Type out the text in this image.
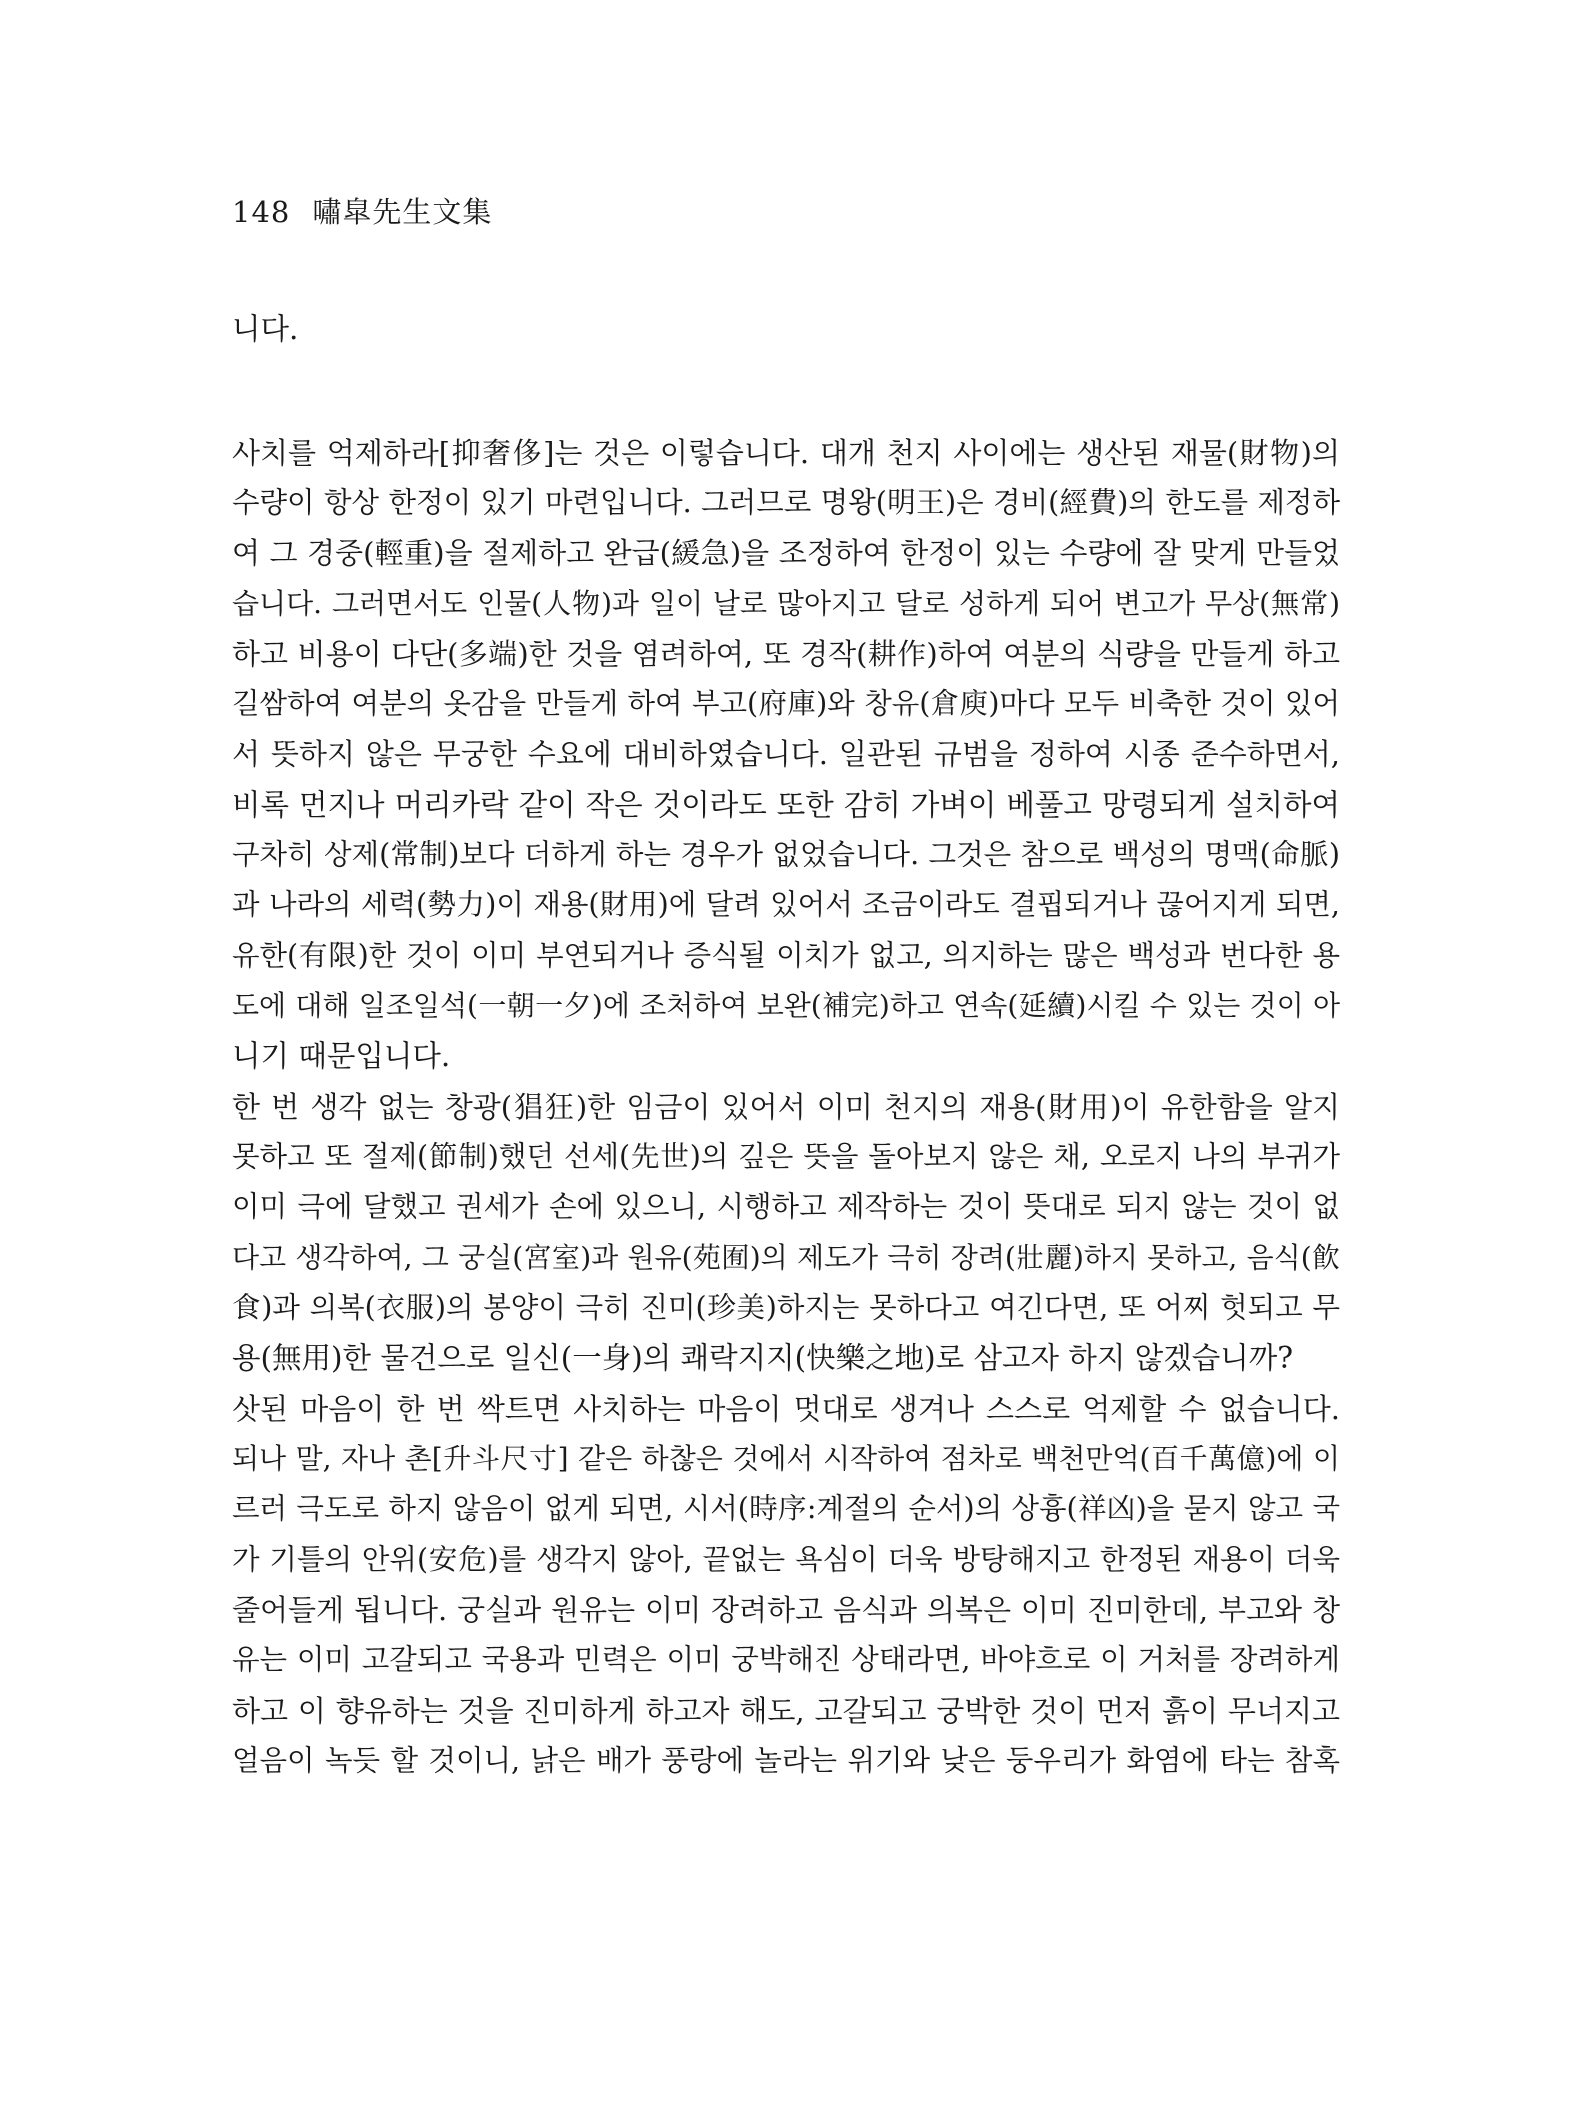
148 嘯皐先生文集
니다.
사치를 억제하라[抑奢侈]는 것은 이렇습니다. 대개 천지 사이에는 생산된 재물(財物)의
수량이 항상 한정이 있기 마련입니다. 그러므로 명왕(明王)은 경비(經費)의 한도를 제정하
여 그 경중(輕重)을 절제하고 완급(緩急)을 조정하여 한정이 있는 수량에 잘 맞게 만들었
습니다. 그러면서도 인물(人物)과 일이 날로 많아지고 달로 성하게 되어 변고가 무상(無常)
하고 비용이 다단(多端)한 것을 염려하여, 또 경작(耕作)하여 여분의 식량을 만들게 하고
길쌈하여 여분의 옷감을 만들게 하여 부고(府庫)와 창유(倉庾)마다 모두 비축한 것이 있어
서 뜻하지 않은 무궁한 수요에 대비하였습니다. 일관된 규범을 정하여 시종 준수하면서,
비록 먼지나 머리카락 같이 작은 것이라도 또한 감히 가벼이 베풀고 망령되게 설치하여
구차히 상제(常制)보다 더하게 하는 경우가 없었습니다. 그것은 참으로 백성의 명맥(命脈)
과 나라의 세력(勢力)이 재용(財用)에 달려 있어서 조금이라도 결핍되거나 끊어지게 되면,
유한(有限)한 것이 이미 부연되거나 증식될 이치가 없고, 의지하는 많은 백성과 번다한 용
도에 대해 일조일석(一朝一夕)에 조처하여 보완(補完)하고 연속(延續)시킬 수 있는 것이 아
니기 때문입니다.
한 번 생각 없는 창광(猖狂)한 임금이 있어서 이미 천지의 재용(財用)이 유한함을 알지
못하고 또 절제(節制)했던 선세(先世)의 깊은 뜻을 돌아보지 않은 채, 오로지 나의 부귀가
이미 극에 달했고 권세가 손에 있으니, 시행하고 제작하는 것이 뜻대로 되지 않는 것이 없
다고 생각하여, 그 궁실(宮室)과 원유(苑囿)의 제도가 극히 장려(壯麗)하지 못하고, 음식(飮
食)과 의복(衣服)의 봉양이 극히 진미(珍美)하지는 못하다고 여긴다면, 또 어찌 헛되고 무
용(無用)한 물건으로 일신(一身)의 쾌락지지(快樂之地)로 삼고자 하지 않겠습니까?
삿된 마음이 한 번 싹트면 사치하는 마음이 멋대로 생겨나 스스로 억제할 수 없습니다.
되나 말, 자나 촌[升斗尺寸] 같은 하찮은 것에서 시작하여 점차로 백천만억(百千萬億)에 이
르러 극도로 하지 않음이 없게 되면, 시서(時序:계절의 순서)의 상흉(祥凶)을 묻지 않고 국
가 기틀의 안위(安危)를 생각지 않아, 끝없는 욕심이 더욱 방탕해지고 한정된 재용이 더욱
줄어들게 됩니다. 궁실과 원유는 이미 장려하고 음식과 의복은 이미 진미한데, 부고와 창
유는 이미 고갈되고 국용과 민력은 이미 궁박해진 상태라면, 바야흐로 이 거처를 장려하게
하고 이 향유하는 것을 진미하게 하고자 해도, 고갈되고 궁박한 것이 먼저 흙이 무너지고
얼음이 녹듯 할 것이니, 낡은 배가 풍랑에 놀라는 위기와 낮은 둥우리가 화염에 타는 참혹
